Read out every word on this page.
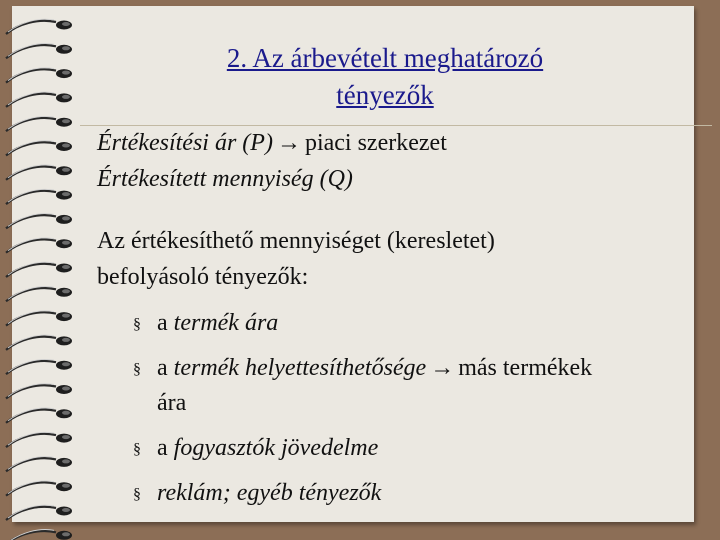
2. Az árbevételt meghatározó
tényezők
Értékesítési ár (P) → piaci szerkezet
Értékesített mennyiség (Q)
Az értékesíthető mennyiséget (keresletet)
befolyásoló tényezők:
§ a termék ára
§ a termék helyettesíthetősége → más termékek
ára
§ a fogyasztók jövedelme
§ reklám; egyéb tényezők
